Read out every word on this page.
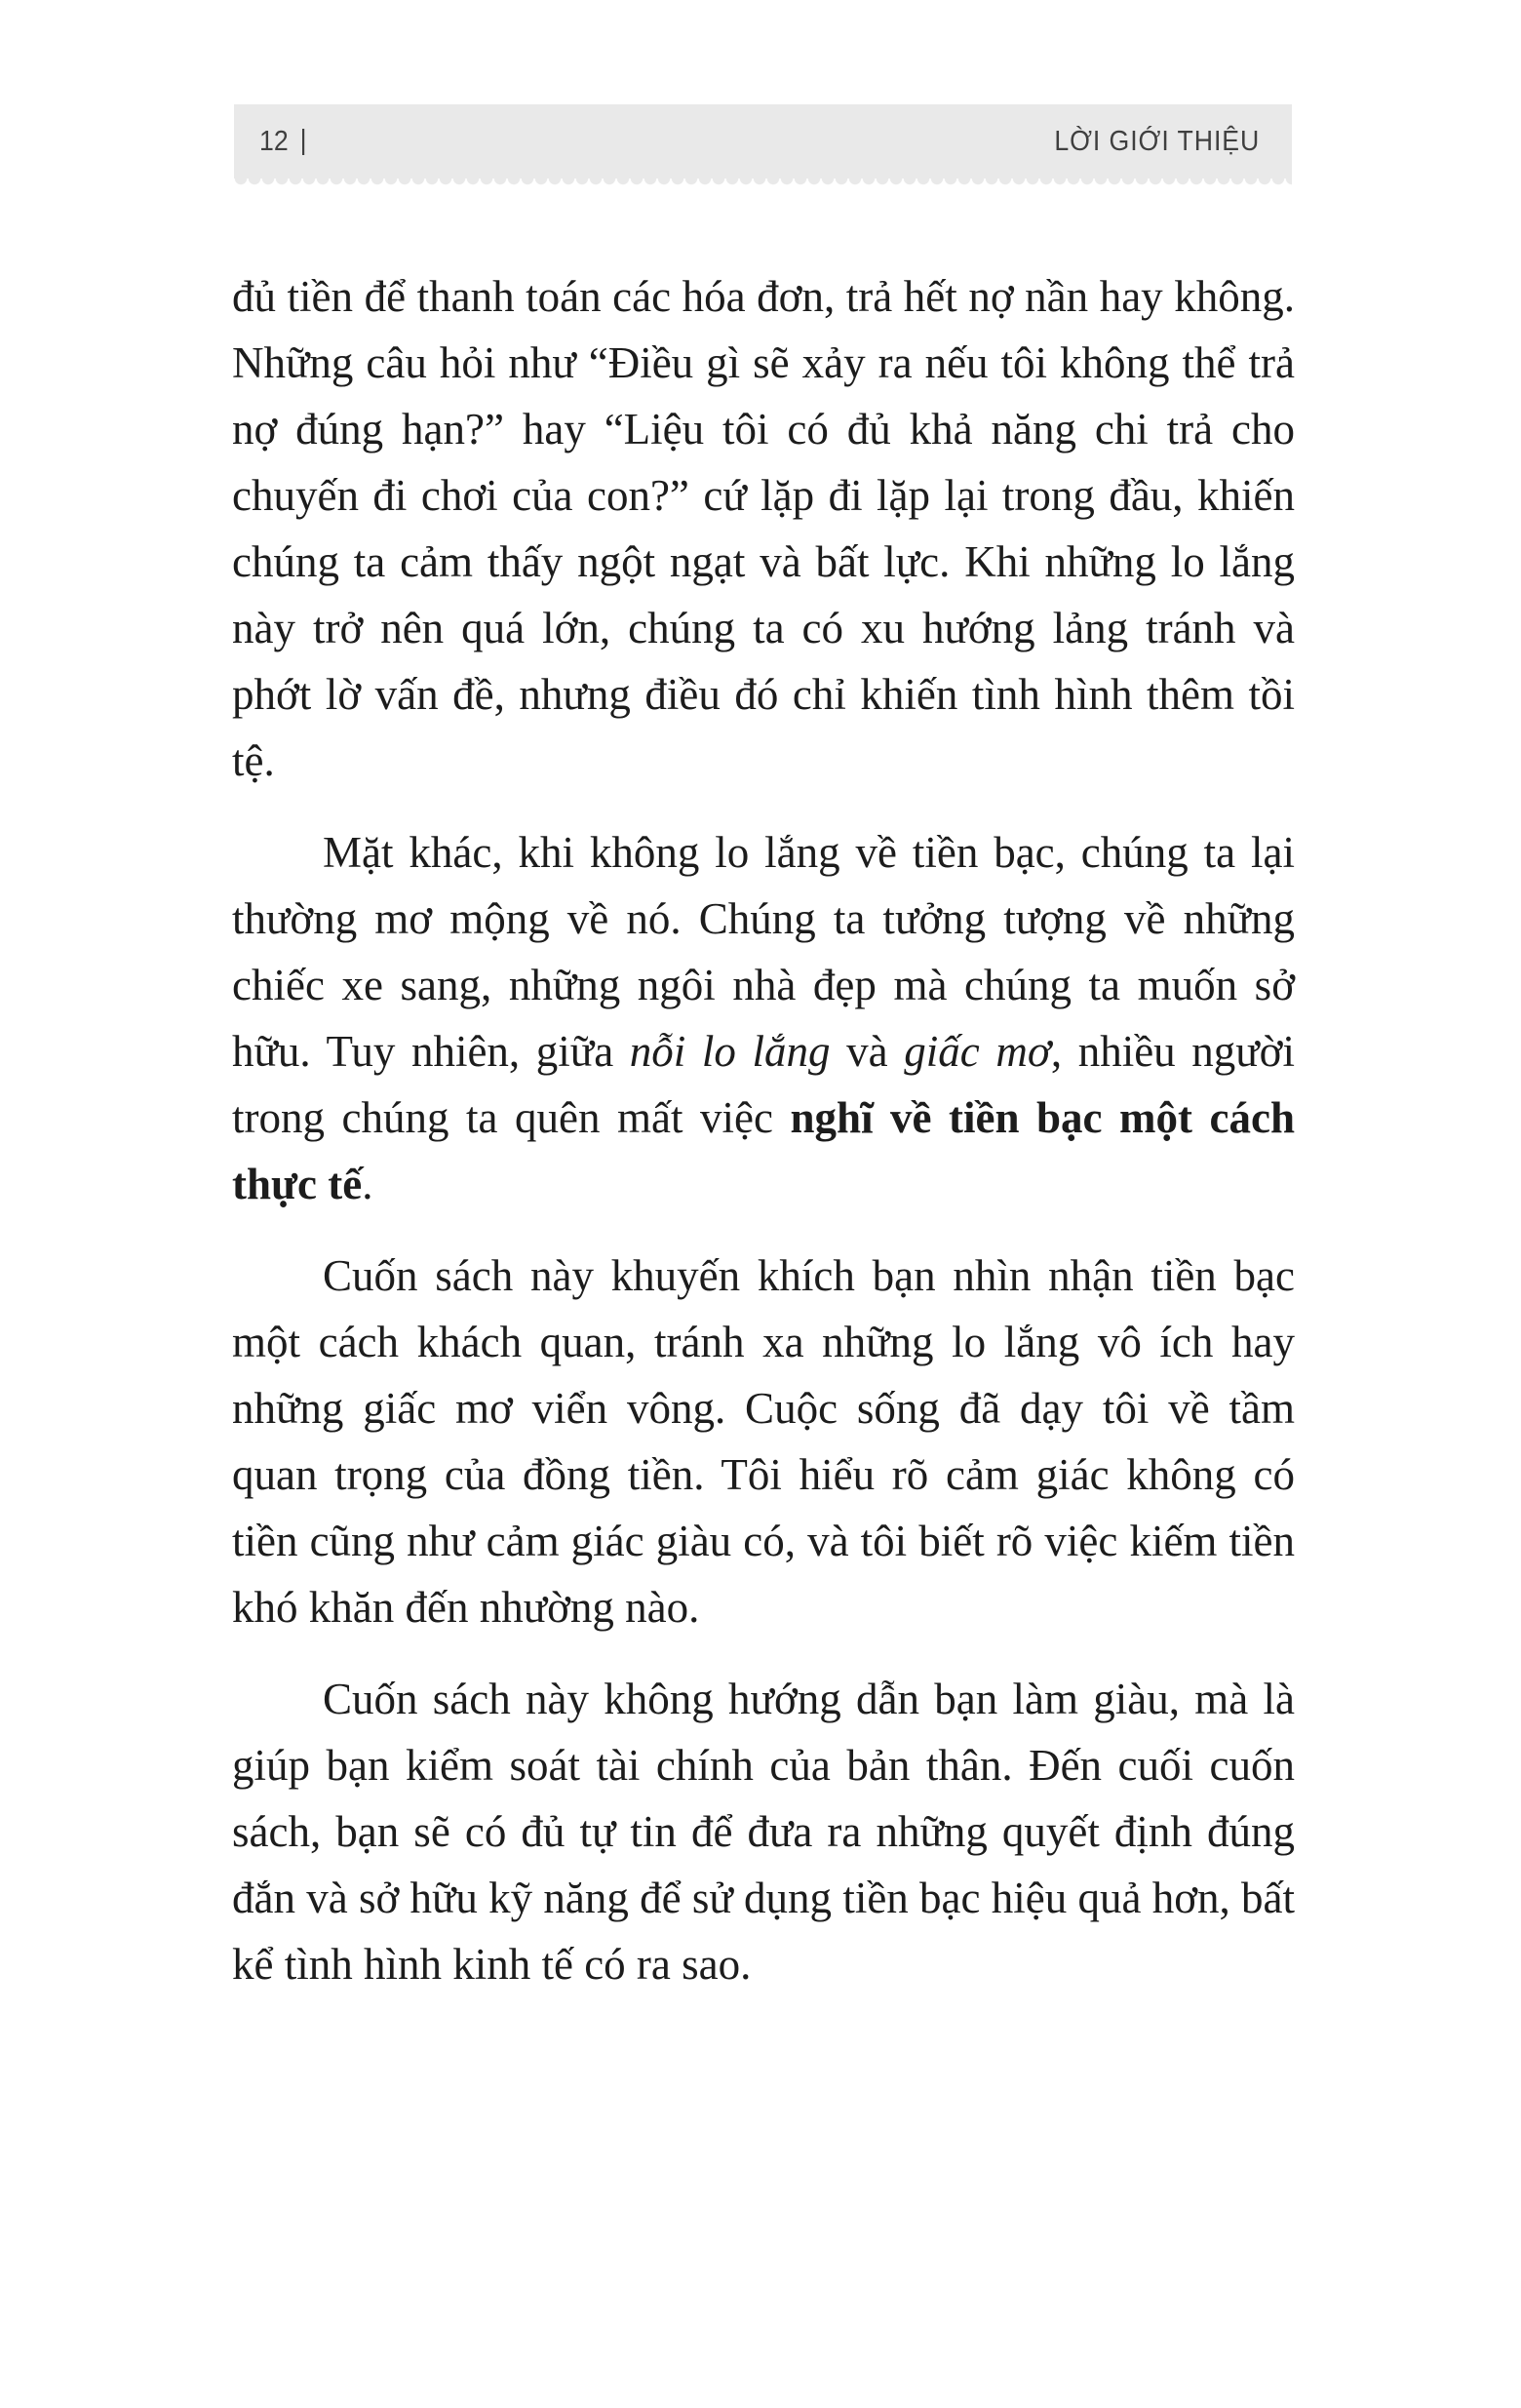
12 |	LỜI GIỚI THIỆU

đủ tiền để thanh toán các hóa đơn, trả hết nợ nần hay không. Những câu hỏi như “Điều gì sẽ xảy ra nếu tôi không thể trả nợ đúng hạn?” hay “Liệu tôi có đủ khả năng chi trả cho chuyến đi chơi của con?” cứ lặp đi lặp lại trong đầu, khiến chúng ta cảm thấy ngột ngạt và bất lực. Khi những lo lắng này trở nên quá lớn, chúng ta có xu hướng lảng tránh và phớt lờ vấn đề, nhưng điều đó chỉ khiến tình hình thêm tồi tệ.

Mặt khác, khi không lo lắng về tiền bạc, chúng ta lại thường mơ mộng về nó. Chúng ta tưởng tượng về những chiếc xe sang, những ngôi nhà đẹp mà chúng ta muốn sở hữu. Tuy nhiên, giữa nỗi lo lắng và giấc mơ, nhiều người trong chúng ta quên mất việc nghĩ về tiền bạc một cách thực tế.

Cuốn sách này khuyến khích bạn nhìn nhận tiền bạc một cách khách quan, tránh xa những lo lắng vô ích hay những giấc mơ viển vông. Cuộc sống đã dạy tôi về tầm quan trọng của đồng tiền. Tôi hiểu rõ cảm giác không có tiền cũng như cảm giác giàu có, và tôi biết rõ việc kiếm tiền khó khăn đến nhường nào.

Cuốn sách này không hướng dẫn bạn làm giàu, mà là giúp bạn kiểm soát tài chính của bản thân. Đến cuối cuốn sách, bạn sẽ có đủ tự tin để đưa ra những quyết định đúng đắn và sở hữu kỹ năng để sử dụng tiền bạc hiệu quả hơn, bất kể tình hình kinh tế có ra sao.
